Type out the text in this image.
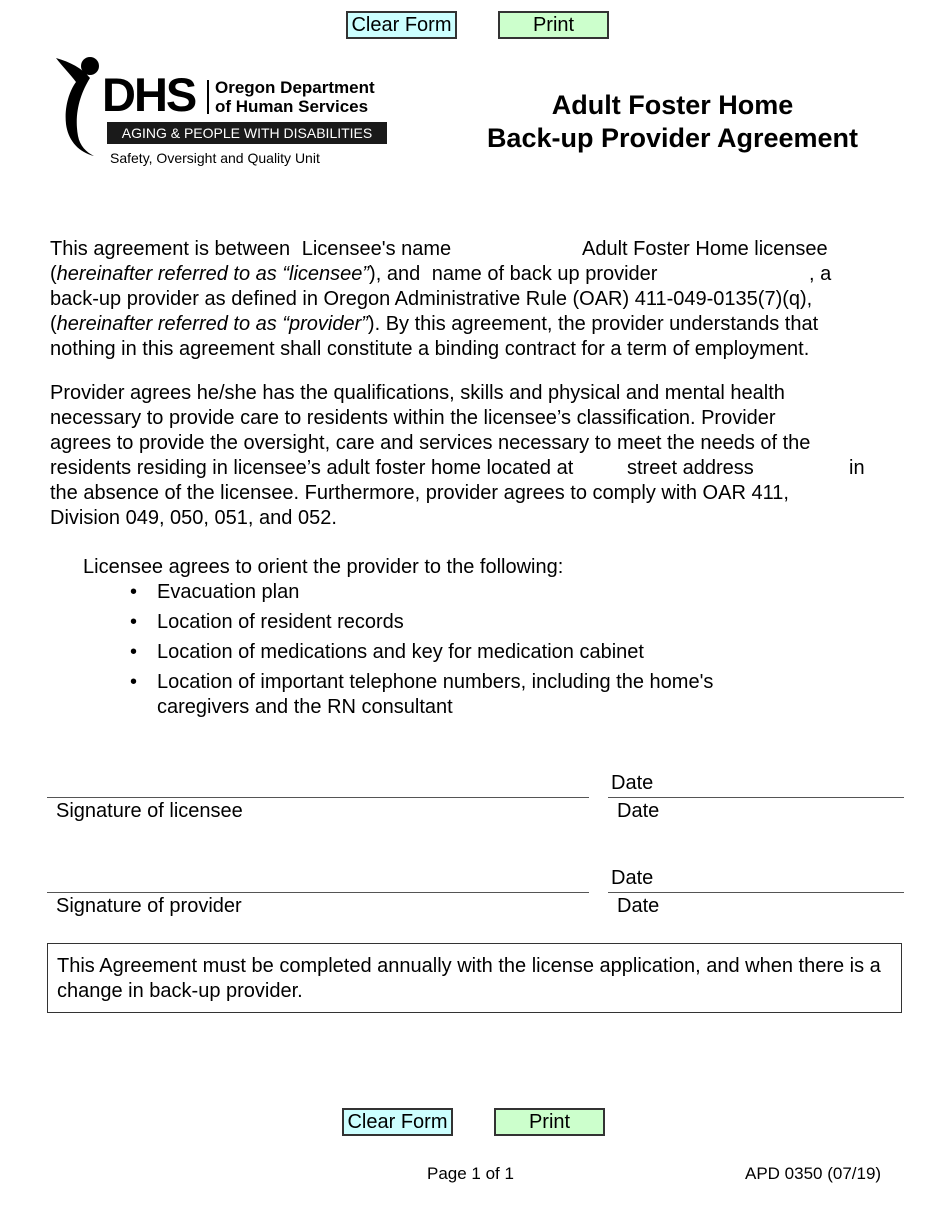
Clear Form	Print
DHS Oregon Department
of Human Services
AGING & PEOPLE WITH DISABILITIES
Safety, Oversight and Quality Unit
Adult Foster Home
Back-up Provider Agreement
This agreement is between Licensee's name	Adult Foster Home licensee
(hereinafter referred to as “licensee”), and name of back up provider	, a
back-up provider as defined in Oregon Administrative Rule (OAR) 411-049-0135(7)(q),
(hereinafter referred to as “provider”). By this agreement, the provider understands that
nothing in this agreement shall constitute a binding contract for a term of employment.
Provider agrees he/she has the qualifications, skills and physical and mental health
necessary to provide care to residents within the licensee’s classification. Provider
agrees to provide the oversight, care and services necessary to meet the needs of the
residents residing in licensee’s adult foster home located at	street address	in
the absence of the licensee. Furthermore, provider agrees to comply with OAR 411,
Division 049, 050, 051, and 052.
Licensee agrees to orient the provider to the following:
• Evacuation plan
• Location of resident records
• Location of medications and key for medication cabinet
• Location of important telephone numbers, including the home's caregivers and the RN consultant
Date
Signature of licensee	Date
Date
Signature of provider	Date
This Agreement must be completed annually with the license application, and when there is a change in back-up provider.
Clear Form	Print
Page 1 of 1	APD 0350 (07/19)
